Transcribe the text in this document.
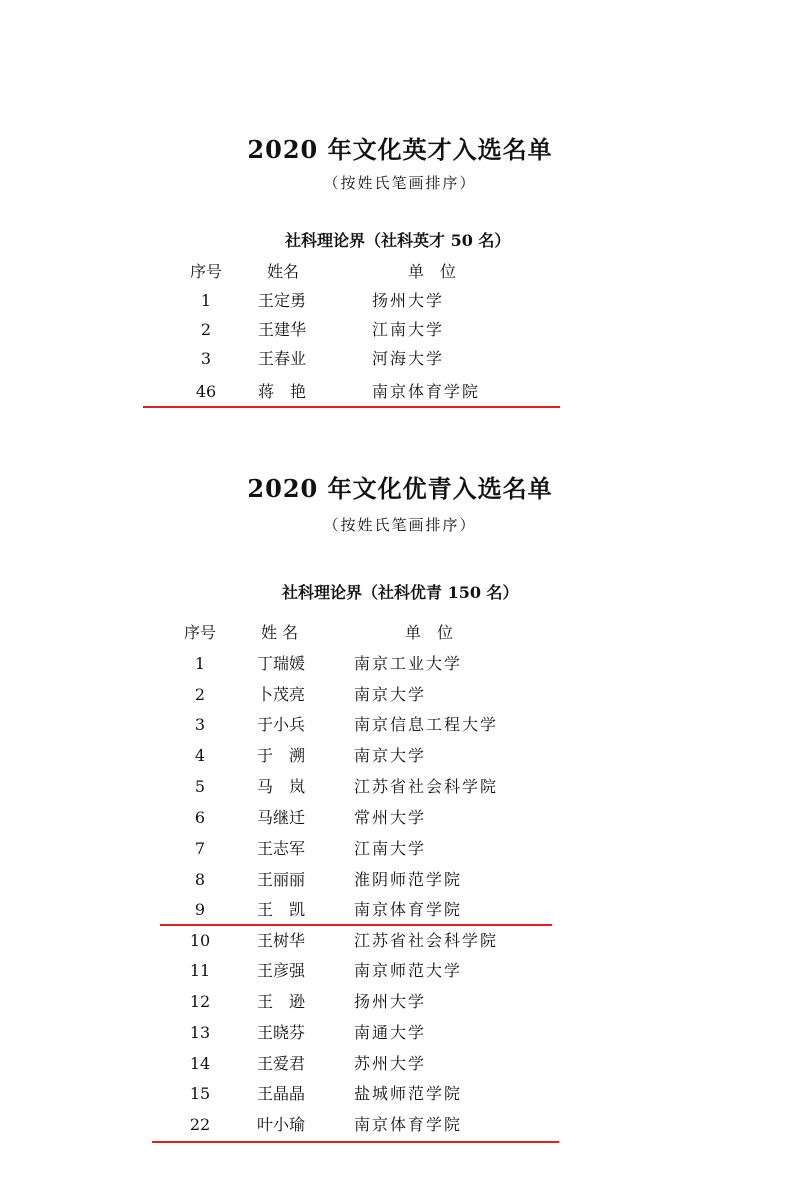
2020 年文化英才入选名单
（按姓氏笔画排序）
社科理论界（社科英才 50 名）
序号	姓名	单　位
1	王定勇	扬州大学
2	王建华	江南大学
3	王春业	河海大学
46	蒋　艳	南京体育学院
2020 年文化优青入选名单
（按姓氏笔画排序）
社科理论界（社科优青 150 名）
序号	姓 名	单　位
1	丁瑞媛	南京工业大学
2	卜茂亮	南京大学
3	于小兵	南京信息工程大学
4	于　溯	南京大学
5	马　岚	江苏省社会科学院
6	马继迁	常州大学
7	王志军	江南大学
8	王丽丽	淮阴师范学院
9	王　凯	南京体育学院
10	王树华	江苏省社会科学院
11	王彦强	南京师范大学
12	王　逊	扬州大学
13	王晓芬	南通大学
14	王爱君	苏州大学
15	王晶晶	盐城师范学院
22	叶小瑜	南京体育学院
